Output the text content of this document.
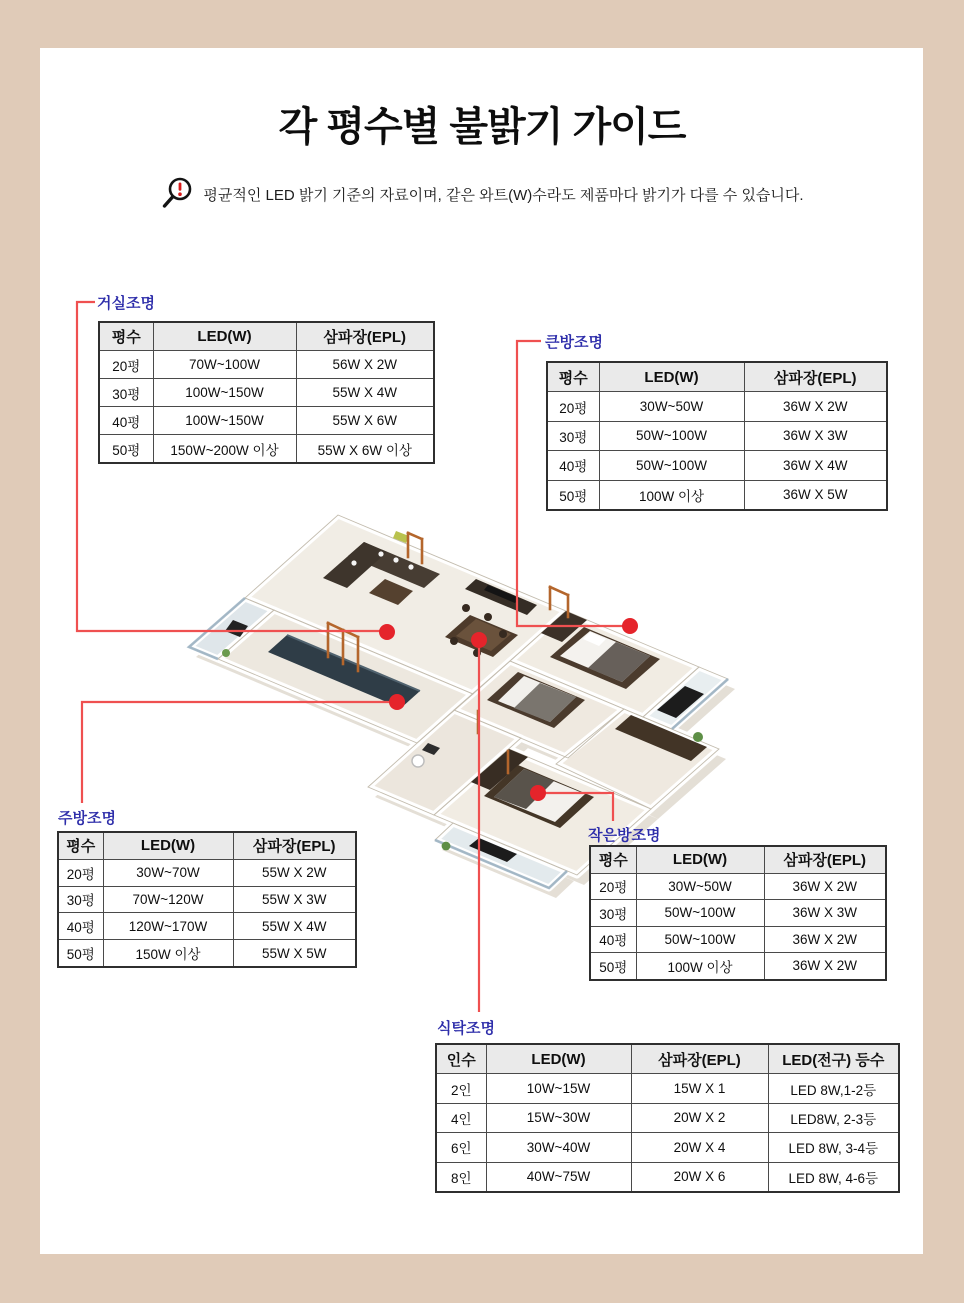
각 평수별 불밝기 가이드
평균적인 LED 밝기 기준의 자료이며, 같은 와트(W)수라도 제품마다 밝기가 다를 수 있습니다.
거실조명
큰방조명
주방조명
작은방조명
식탁조명
평수	LED(W)	삼파장(EPL)
20평	70W~100W	56W X 2W
30평	100W~150W	55W X 4W
40평	100W~150W	55W X 6W
50평	150W~200W 이상	55W X 6W 이상
평수	LED(W)	삼파장(EPL)
20평	30W~50W	36W X 2W
30평	50W~100W	36W X 3W
40평	50W~100W	36W X 4W
50평	100W 이상	36W X 5W
평수	LED(W)	삼파장(EPL)
20평	30W~70W	55W X 2W
30평	70W~120W	55W X 3W
40평	120W~170W	55W X 4W
50평	150W 이상	55W X 5W
평수	LED(W)	삼파장(EPL)
20평	30W~50W	36W X 2W
30평	50W~100W	36W X 3W
40평	50W~100W	36W X 2W
50평	100W 이상	36W X 2W
인수	LED(W)	삼파장(EPL)	LED(전구) 등수
2인	10W~15W	15W X 1	LED 8W,1-2등
4인	15W~30W	20W X 2	LED8W, 2-3등
6인	30W~40W	20W X 4	LED 8W, 3-4등
8인	40W~75W	20W X 6	LED 8W, 4-6등
